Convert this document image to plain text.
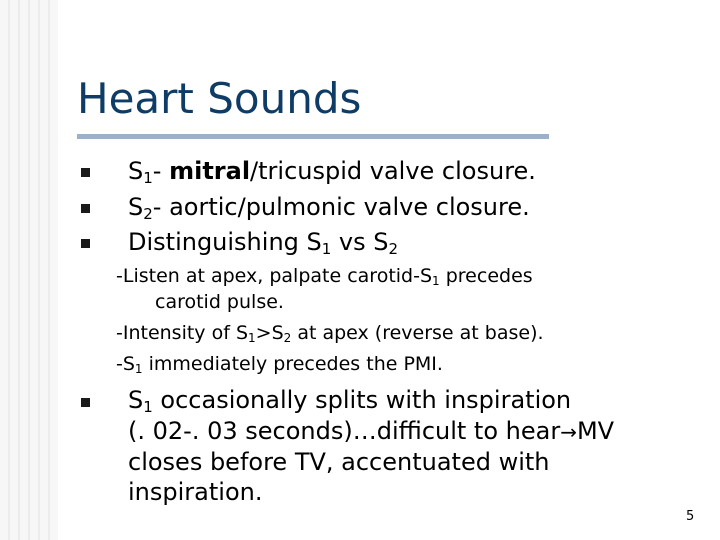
Heart Sounds
$S_1-$ mitral/tricuspid valve closure.
$S_2-$ aortic/pulmonic valve closure.
Distinguishing $S_1$ vs $S_2$
-Listen at apex, palpate carotid-$S_1$ precedes
carotid pulse.
-Intensity of $S_1>S_2$ at apex (reverse at base).
$-S_1$ immediately precedes the PMI.
$S_1$ occasionally splits with inspiration
(. 02-. 03 seconds)…difficult to hear→MV
closes before TV, accentuated with
inspiration.
5
